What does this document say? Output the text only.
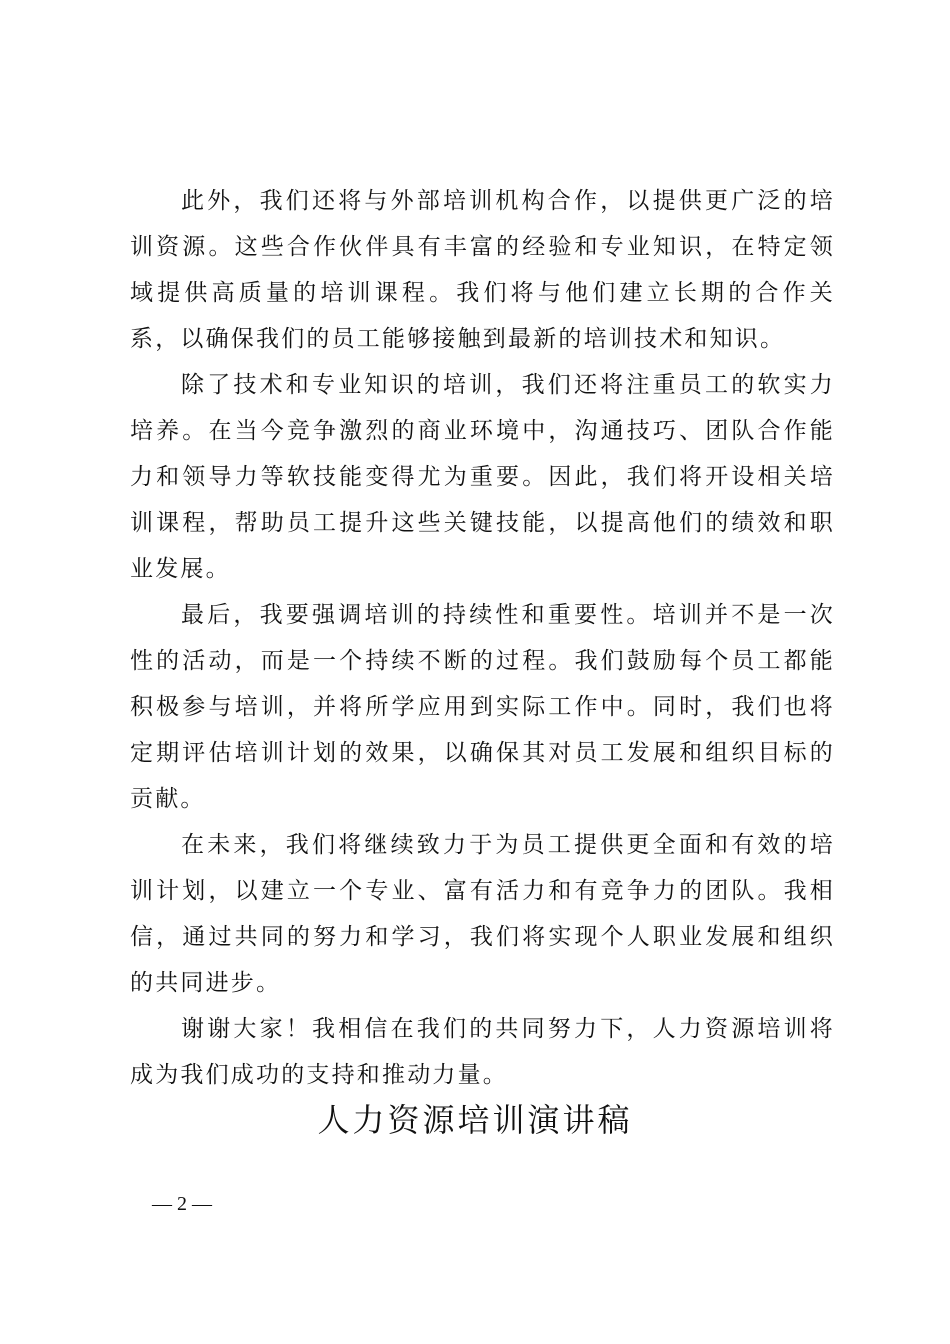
此外，我们还将与外部培训机构合作，以提供更广泛的培训资源。这些合作伙伴具有丰富的经验和专业知识，在特定领域提供高质量的培训课程。我们将与他们建立长期的合作关系，以确保我们的员工能够接触到最新的培训技术和知识。

除了技术和专业知识的培训，我们还将注重员工的软实力培养。在当今竞争激烈的商业环境中，沟通技巧、团队合作能力和领导力等软技能变得尤为重要。因此，我们将开设相关培训课程，帮助员工提升这些关键技能，以提高他们的绩效和职业发展。

最后，我要强调培训的持续性和重要性。培训并不是一次性的活动，而是一个持续不断的过程。我们鼓励每个员工都能积极参与培训，并将所学应用到实际工作中。同时，我们也将定期评估培训计划的效果，以确保其对员工发展和组织目标的贡献。

在未来，我们将继续致力于为员工提供更全面和有效的培训计划，以建立一个专业、富有活力和有竞争力的团队。我相信，通过共同的努力和学习，我们将实现个人职业发展和组织的共同进步。

谢谢大家！我相信在我们的共同努力下，人力资源培训将成为我们成功的支持和推动力量。

人力资源培训演讲稿
— 2 —
